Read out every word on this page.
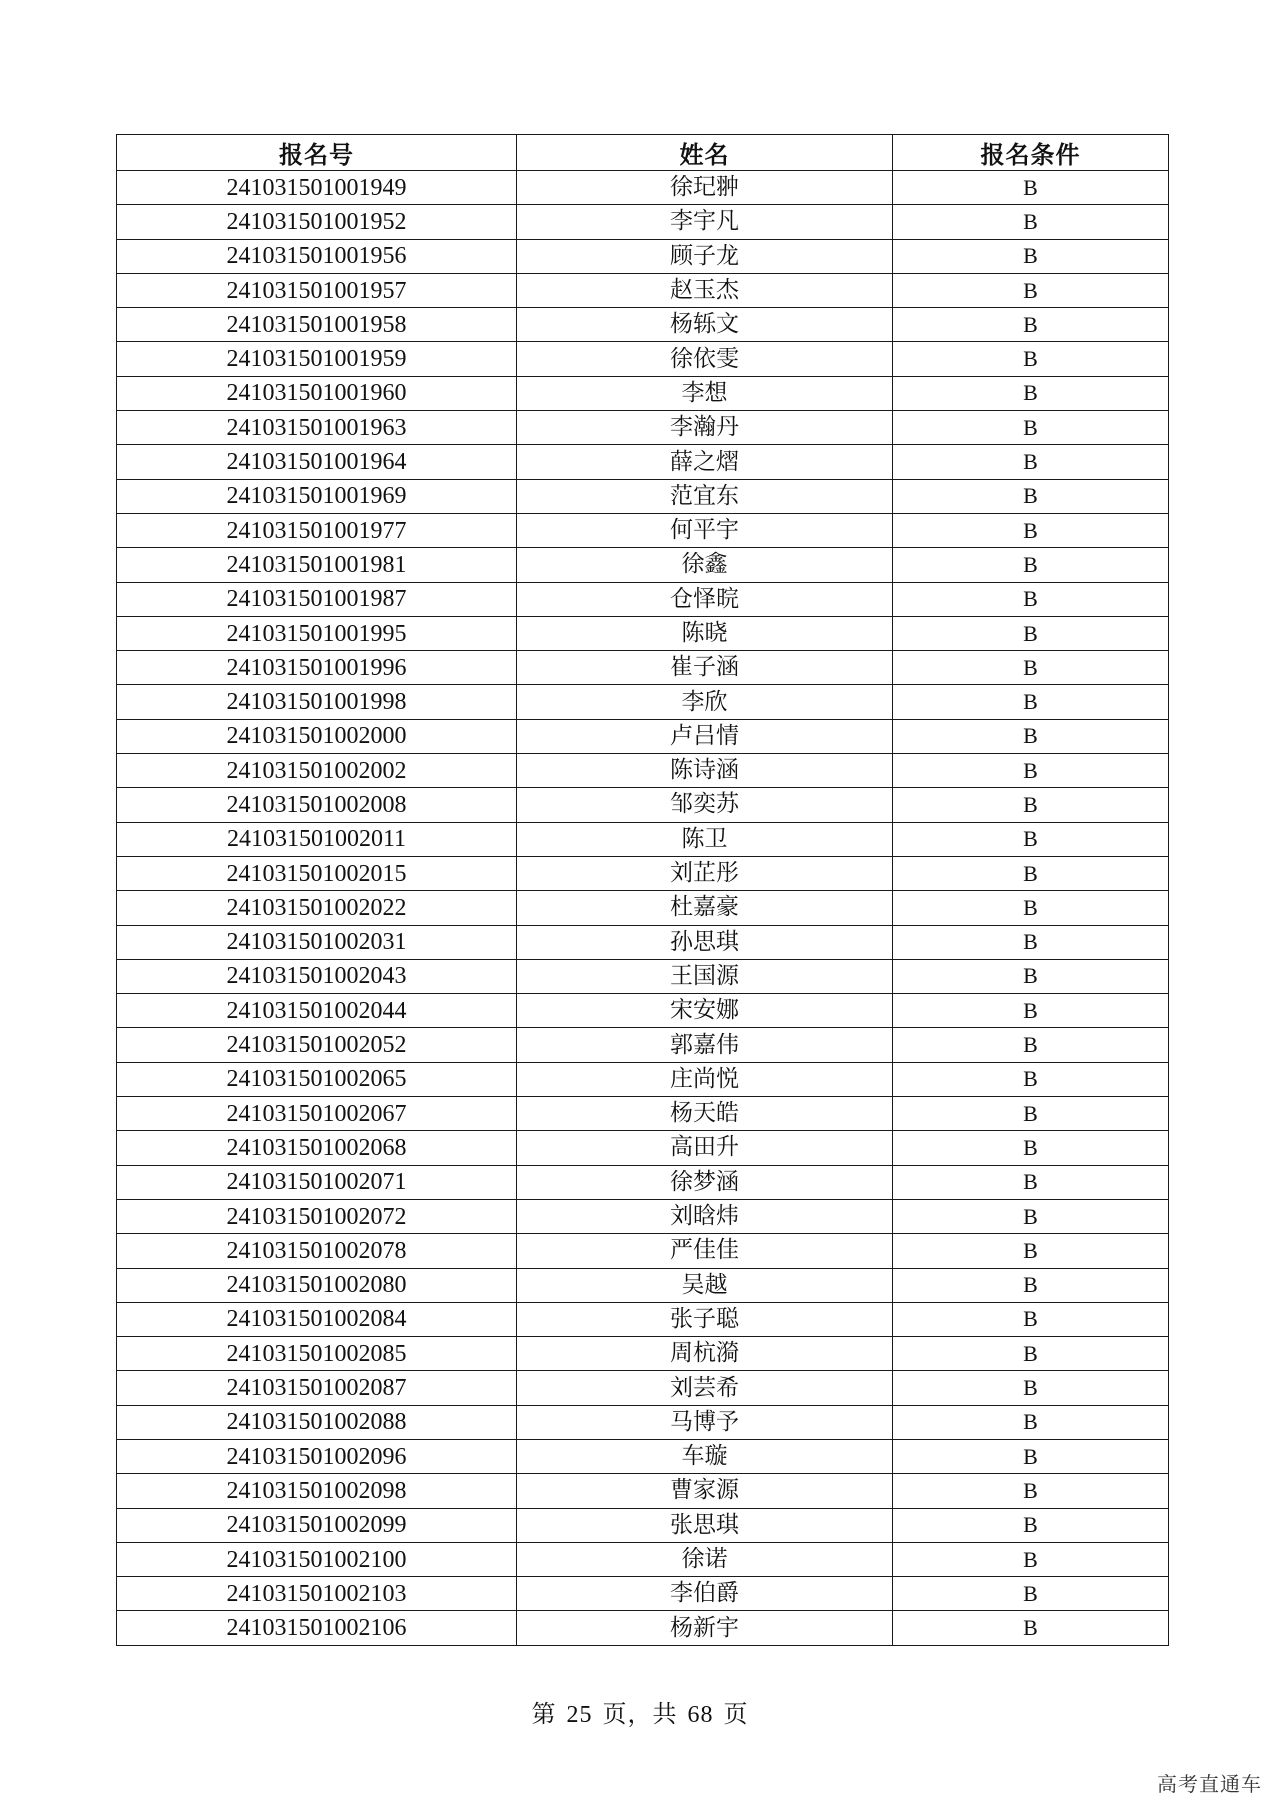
报名号	姓名	报名条件
241031501001949	徐玘翀	B
241031501001952	李宇凡	B
241031501001956	顾子龙	B
241031501001957	赵玉杰	B
241031501001958	杨轹文	B
241031501001959	徐依雯	B
241031501001960	李想	B
241031501001963	李瀚丹	B
241031501001964	薛之熠	B
241031501001969	范宜东	B
241031501001977	何平宇	B
241031501001981	徐鑫	B
241031501001987	仓怿晥	B
241031501001995	陈晓	B
241031501001996	崔子涵	B
241031501001998	李欣	B
241031501002000	卢吕情	B
241031501002002	陈诗涵	B
241031501002008	邹奕苏	B
241031501002011	陈卫	B
241031501002015	刘芷彤	B
241031501002022	杜嘉豪	B
241031501002031	孙思琪	B
241031501002043	王国源	B
241031501002044	宋安娜	B
241031501002052	郭嘉伟	B
241031501002065	庄尚悦	B
241031501002067	杨天皓	B
241031501002068	高田升	B
241031501002071	徐梦涵	B
241031501002072	刘晗炜	B
241031501002078	严佳佳	B
241031501002080	吴越	B
241031501002084	张子聪	B
241031501002085	周杭漪	B
241031501002087	刘芸希	B
241031501002088	马博予	B
241031501002096	车璇	B
241031501002098	曹家源	B
241031501002099	张思琪	B
241031501002100	徐诺	B
241031501002103	李伯爵	B
241031501002106	杨新宇	B
第 25 页，共 68 页
高考直通车
